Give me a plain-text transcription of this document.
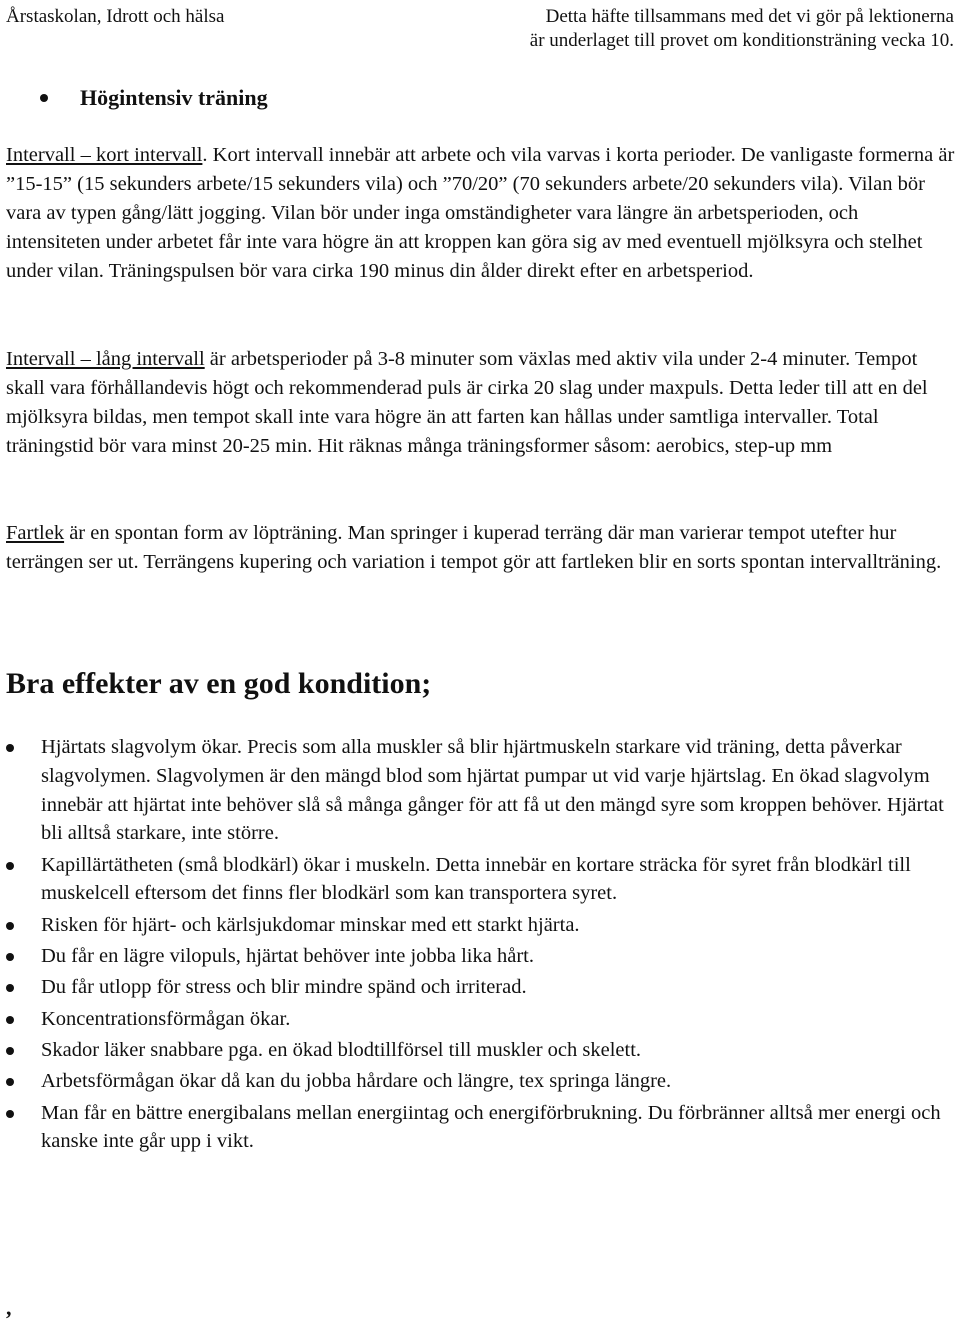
Årstaskolan, Idrott och hälsa	Detta häfte tillsammans med det vi gör på lektionerna
är underlaget till provet om konditionsträning vecka 10.
Högintensiv träning

Intervall – kort intervall. Kort intervall innebär att arbete och vila varvas i korta perioder. De vanligaste formerna är ”15-15” (15 sekunders arbete/15 sekunders vila) och ”70/20” (70 sekunders arbete/20 sekunders vila). Vilan bör vara av typen gång/lätt jogging. Vilan bör under inga omständigheter vara längre än arbetsperioden, och intensiteten under arbetet får inte vara högre än att kroppen kan göra sig av med eventuell mjölksyra och stelhet under vilan. Träningspulsen bör vara cirka 190 minus din ålder direkt efter en arbetsperiod.

Intervall – lång intervall är arbetsperioder på 3-8 minuter som växlas med aktiv vila under 2-4 minuter. Tempot skall vara förhållandevis högt och rekommenderad puls är cirka 20 slag under maxpuls. Detta leder till att en del mjölksyra bildas, men tempot skall inte vara högre än att farten kan hållas under samtliga intervaller. Total träningstid bör vara minst 20-25 min. Hit räknas många träningsformer såsom: aerobics, step-up mm

Fartlek är en spontan form av löpträning. Man springer i kuperad terräng där man varierar tempot utefter hur terrängen ser ut. Terrängens kupering och variation i tempot gör att fartleken blir en sorts spontan intervallträning.

Bra effekter av en god kondition;
Hjärtats slagvolym ökar. Precis som alla muskler så blir hjärtmuskeln starkare vid träning, detta påverkar slagvolymen. Slagvolymen är den mängd blod som hjärtat pumpar ut vid varje hjärtslag. En ökad slagvolym innebär att hjärtat inte behöver slå så många gånger för att få ut den mängd syre som kroppen behöver. Hjärtat bli alltså starkare, inte större.
Kapillärtätheten (små blodkärl) ökar i muskeln. Detta innebär en kortare sträcka för syret från blodkärl till muskelcell eftersom det finns fler blodkärl som kan transportera syret.
Risken för hjärt- och kärlsjukdomar minskar med ett starkt hjärta.
Du får en lägre vilopuls, hjärtat behöver inte jobba lika hårt.
Du får utlopp för stress och blir mindre spänd och irriterad.
Koncentrationsförmågan ökar.
Skador läker snabbare pga. en ökad blodtillförsel till muskler och skelett.
Arbetsförmågan ökar då kan du jobba hårdare och längre, tex springa längre.
Man får en bättre energibalans mellan energiintag och energiförbrukning. Du förbränner alltså mer energi och kanske inte går upp i vikt.
,
